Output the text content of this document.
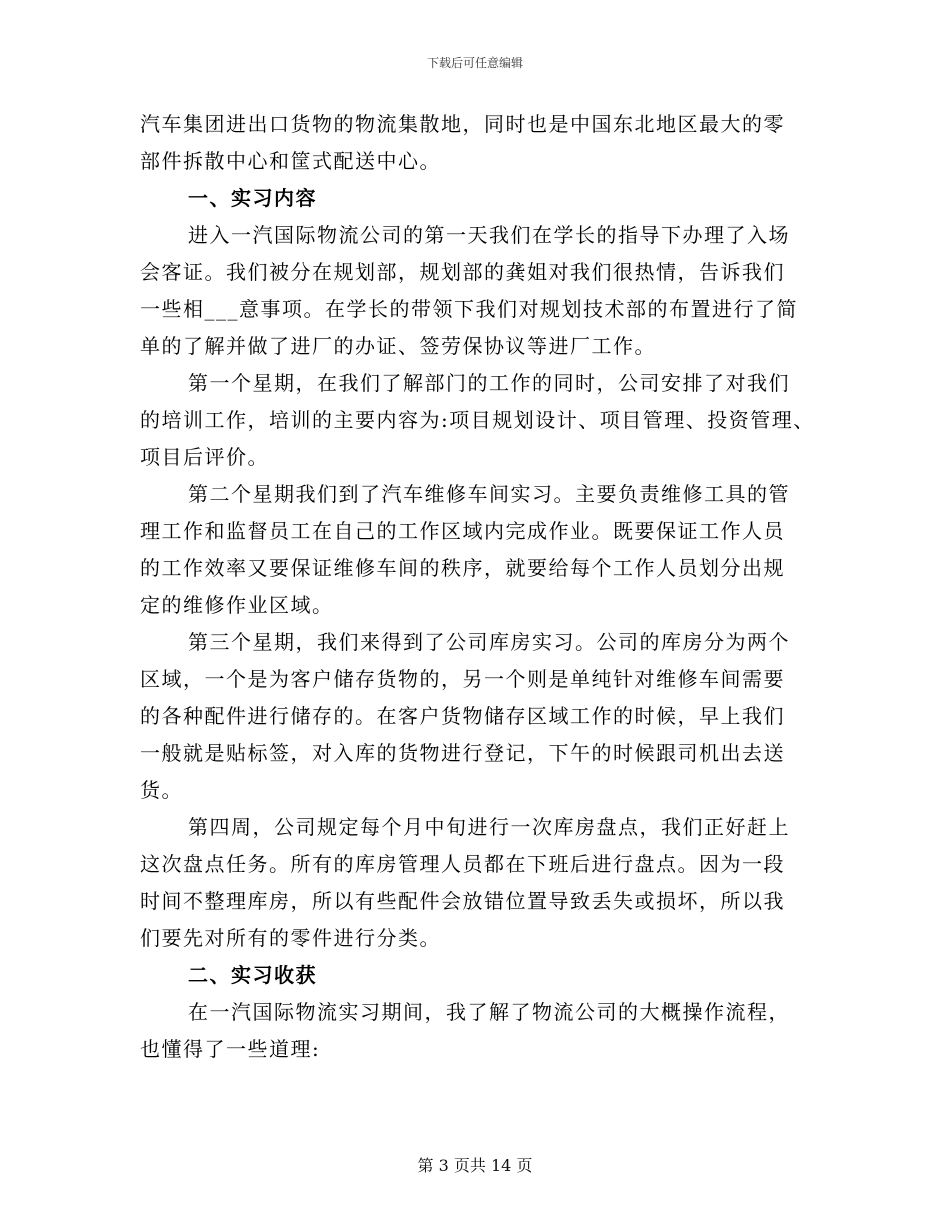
下载后可任意编辑

汽车集团进出口货物的物流集散地，同时也是中国东北地区最大的零
部件拆散中心和筐式配送中心。

一、实习内容

进入一汽国际物流公司的第一天我们在学长的指导下办理了入场
会客证。我们被分在规划部，规划部的龚姐对我们很热情，告诉我们
一些相___意事项。在学长的带领下我们对规划技术部的布置进行了简
单的了解并做了进厂的办证、签劳保协议等进厂工作。

第一个星期，在我们了解部门的工作的同时，公司安排了对我们
的培训工作，培训的主要内容为:项目规划设计、项目管理、投资管理、
项目后评价。

第二个星期我们到了汽车维修车间实习。主要负责维修工具的管
理工作和监督员工在自己的工作区域内完成作业。既要保证工作人员
的工作效率又要保证维修车间的秩序，就要给每个工作人员划分出规
定的维修作业区域。

第三个星期，我们来得到了公司库房实习。公司的库房分为两个
区域，一个是为客户储存货物的，另一个则是单纯针对维修车间需要
的各种配件进行储存的。在客户货物储存区域工作的时候，早上我们
一般就是贴标签，对入库的货物进行登记，下午的时候跟司机出去送
货。

第四周，公司规定每个月中旬进行一次库房盘点，我们正好赶上
这次盘点任务。所有的库房管理人员都在下班后进行盘点。因为一段
时间不整理库房，所以有些配件会放错位置导致丢失或损坏，所以我
们要先对所有的零件进行分类。

二、实习收获

在一汽国际物流实习期间，我了解了物流公司的大概操作流程，
也懂得了一些道理:

第 3 页共 14 页
